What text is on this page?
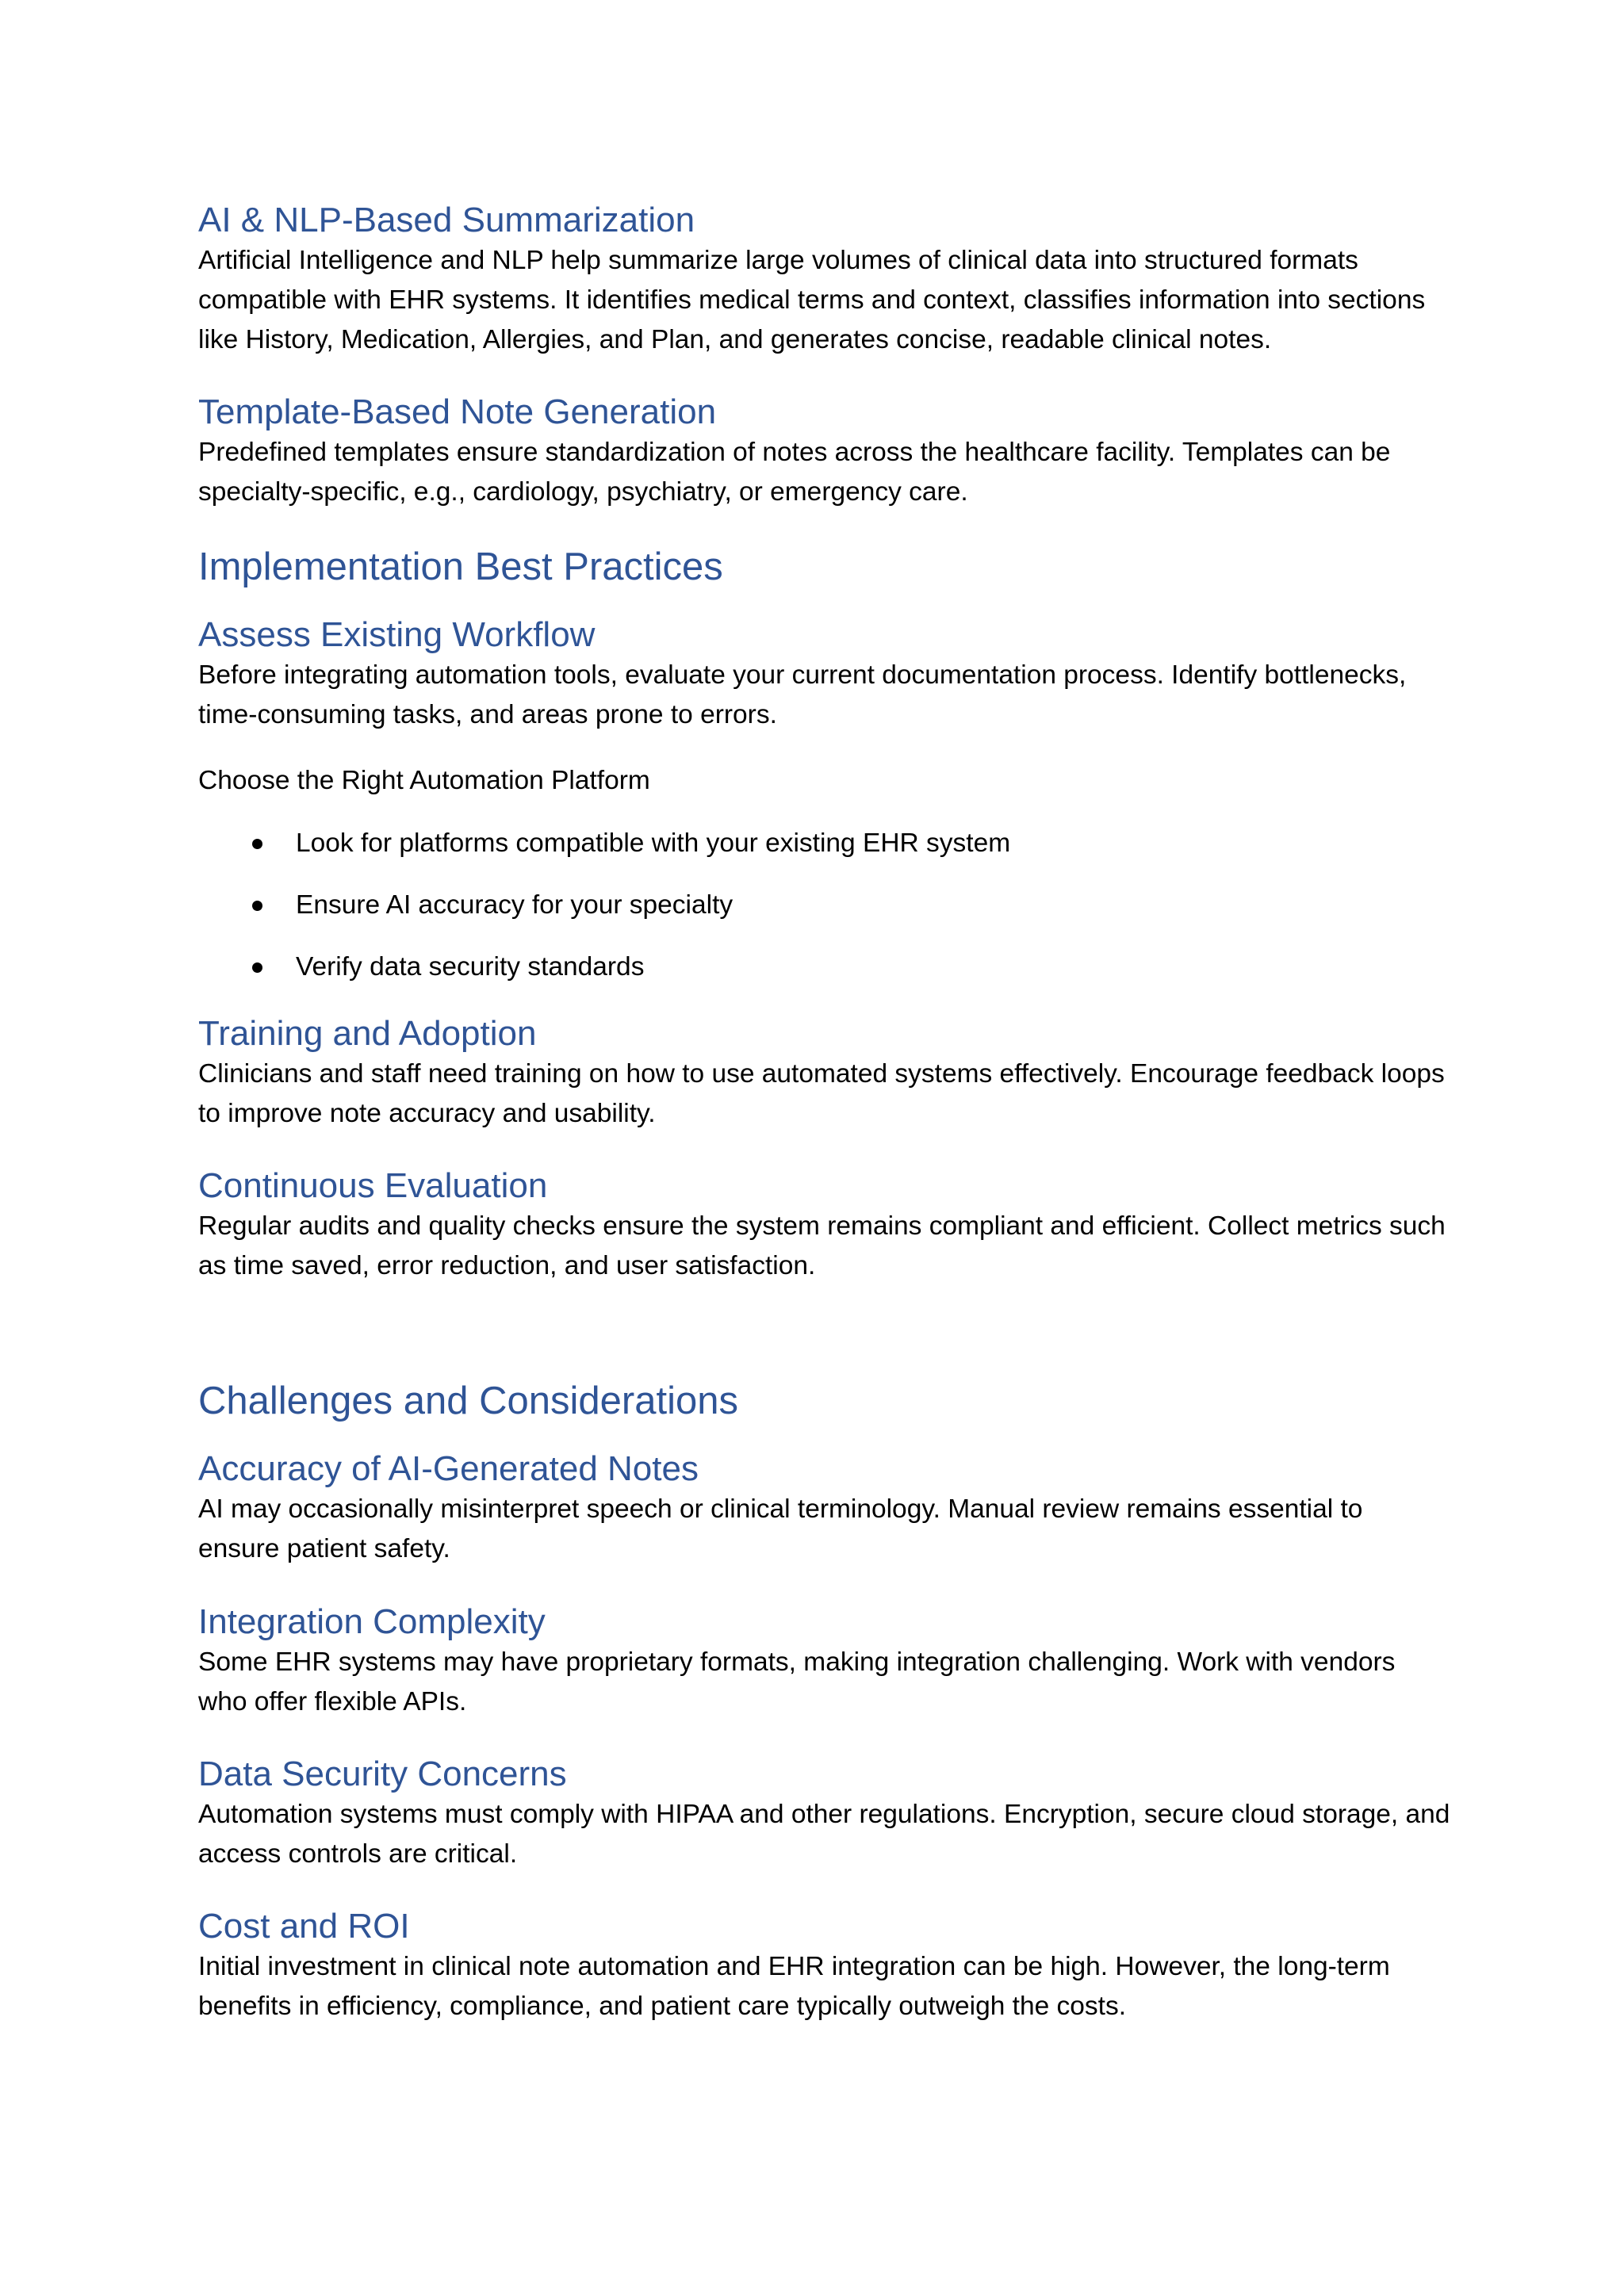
AI & NLP-Based Summarization

Artificial Intelligence and NLP help summarize large volumes of clinical data into structured formats compatible with EHR systems. It identifies medical terms and context, classifies information into sections like History, Medication, Allergies, and Plan, and generates concise, readable clinical notes.

Template-Based Note Generation

Predefined templates ensure standardization of notes across the healthcare facility. Templates can be specialty-specific, e.g., cardiology, psychiatry, or emergency care.

Implementation Best Practices
Assess Existing Workflow

Before integrating automation tools, evaluate your current documentation process. Identify bottlenecks, time-consuming tasks, and areas prone to errors.

Choose the Right Automation Platform

Look for platforms compatible with your existing EHR system
Ensure AI accuracy for your specialty
Verify data security standards
Training and Adoption

Clinicians and staff need training on how to use automated systems effectively. Encourage feedback loops to improve note accuracy and usability.

Continuous Evaluation

Regular audits and quality checks ensure the system remains compliant and efficient. Collect metrics such as time saved, error reduction, and user satisfaction.

Challenges and Considerations
Accuracy of AI-Generated Notes

AI may occasionally misinterpret speech or clinical terminology. Manual review remains essential to ensure patient safety.

Integration Complexity

Some EHR systems may have proprietary formats, making integration challenging. Work with vendors who offer flexible APIs.

Data Security Concerns

Automation systems must comply with HIPAA and other regulations. Encryption, secure cloud storage, and access controls are critical.

Cost and ROI

Initial investment in clinical note automation and EHR integration can be high. However, the long-term benefits in efficiency, compliance, and patient care typically outweigh the costs.
